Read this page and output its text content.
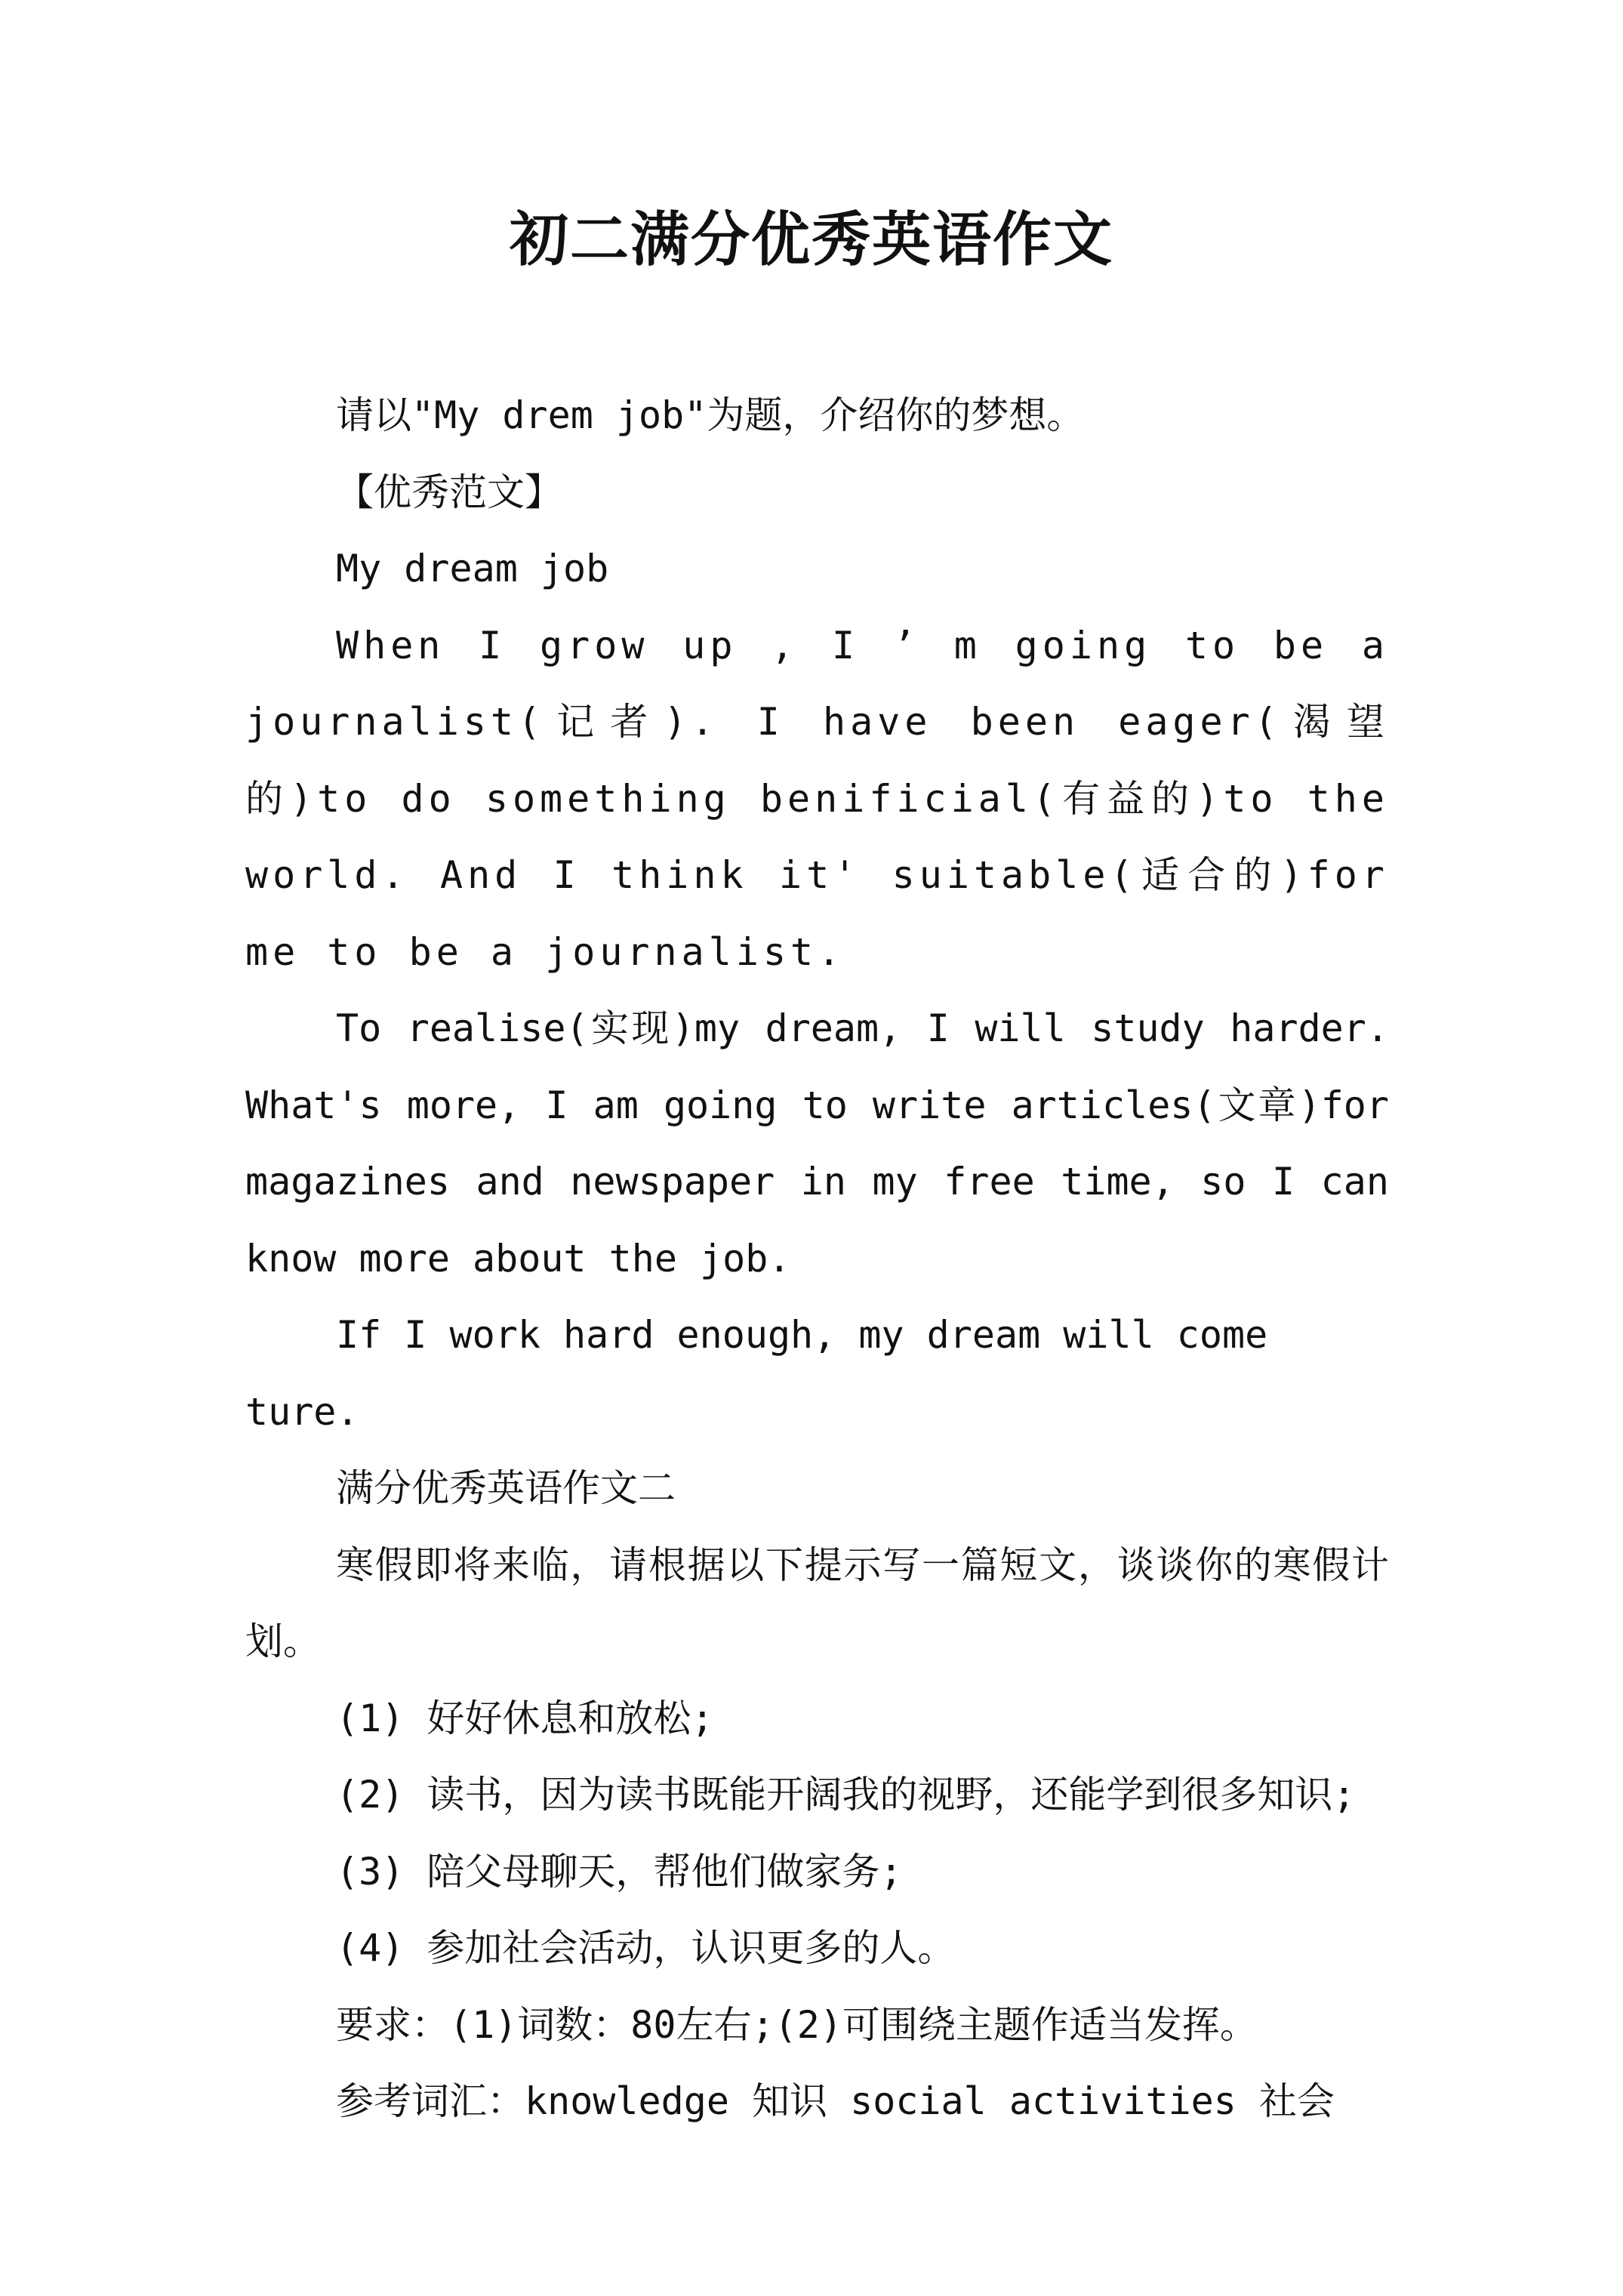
初二满分优秀英语作文

请以"My drem job"为题，介绍你的梦想。

【优秀范文】

My dream job

When I grow up , I ’ m going to be a journalist(记者). I have been eager(渴望的)to do something benificial(有益的)to the world. And I think it' suitable(适合的)for me to be a journalist.

To realise(实现)my dream, I will study harder. What's more, I am going to write articles(文章)for magazines and newspaper in my free time, so I can know more about the job.

If I work hard enough, my dream will come ture.

满分优秀英语作文二

寒假即将来临，请根据以下提示写一篇短文，谈谈你的寒假计划。

(1) 好好休息和放松;

(2) 读书，因为读书既能开阔我的视野，还能学到很多知识;

(3) 陪父母聊天，帮他们做家务;

(4) 参加社会活动，认识更多的人。

要求：(1)词数：80左右;(2)可围绕主题作适当发挥。

参考词汇：knowledge 知识 social activities 社会
